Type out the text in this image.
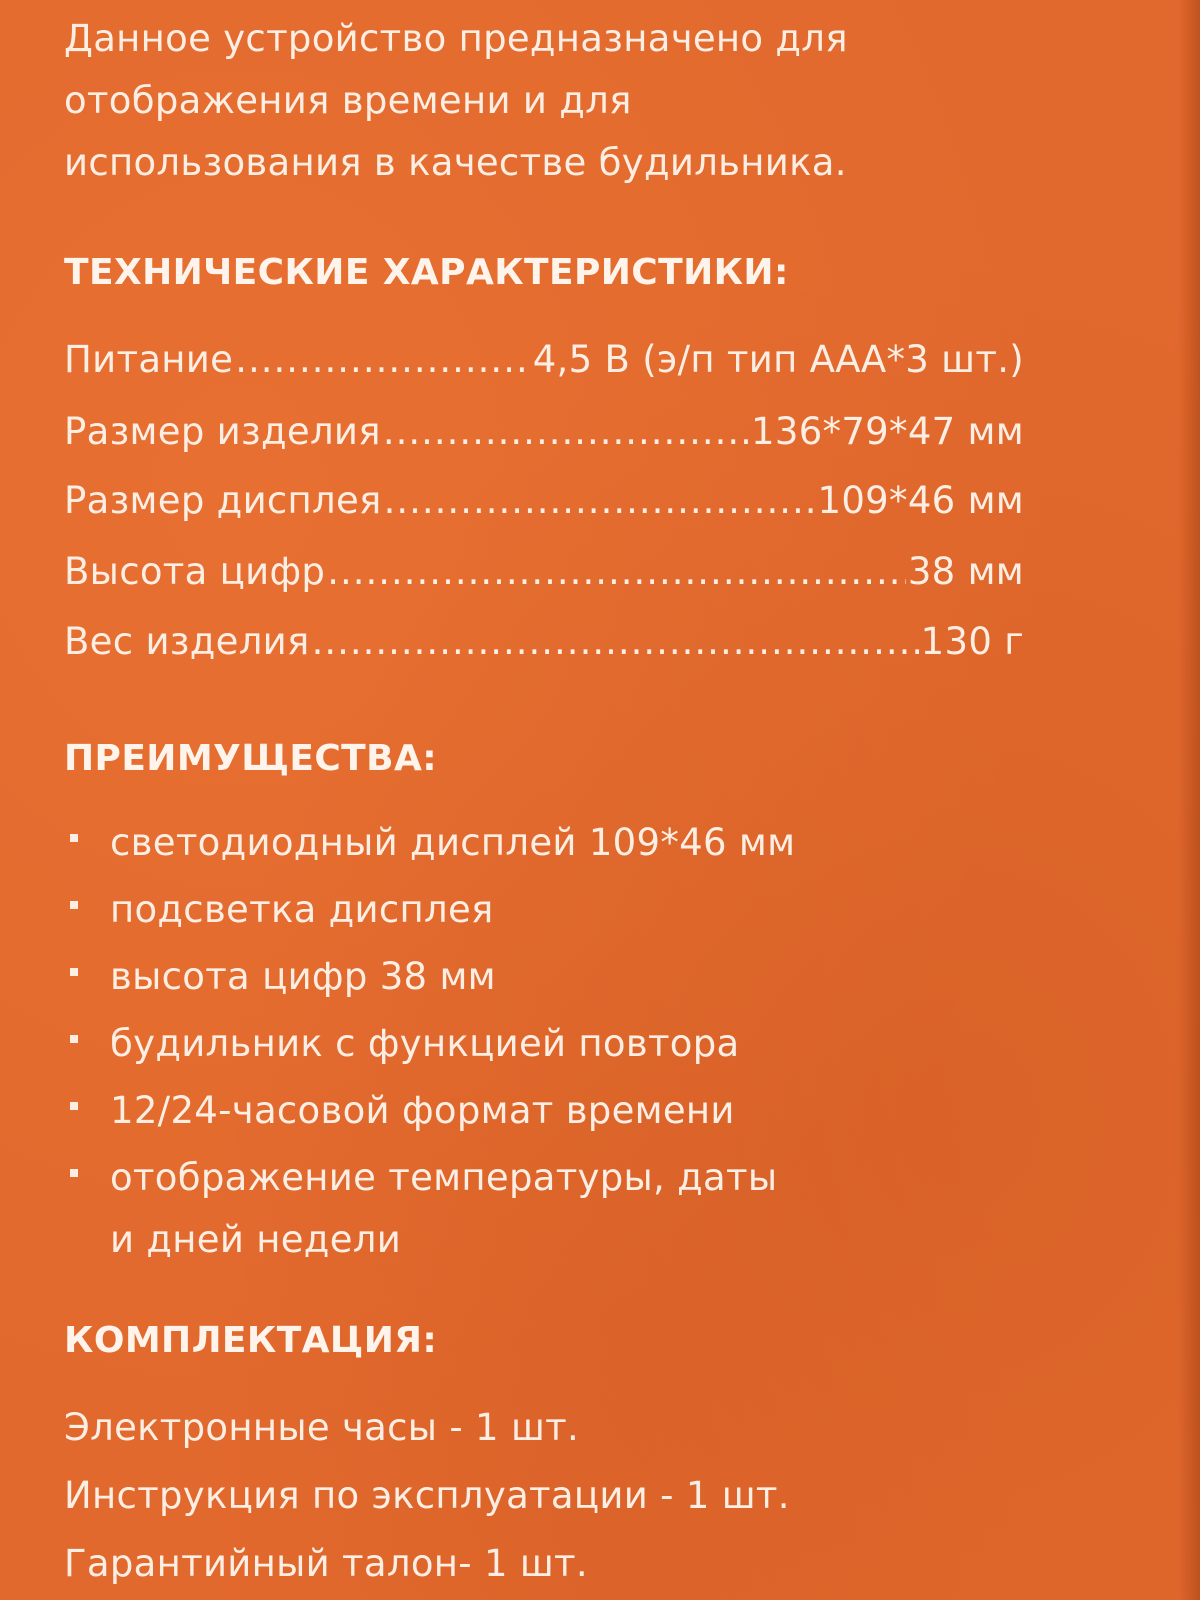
Данное устройство предназначено для
отображения времени и для
использования в качестве будильника.
ТЕХНИЧЕСКИЕ ХАРАКТЕРИСТИКИ:
Питание .....	4,5 В (э/п тип ААА*3 шт.)
Размер изделия .....	136*79*47 мм
Размер дисплея .....	109*46 мм
Высота цифр .....	38 мм
Вес изделия .....	130 г
ПРЕИМУЩЕСТВА:
светодиодный дисплей 109*46 мм
подсветка дисплея
высота цифр 38 мм
будильник с функцией повтора
12/24-часовой формат времени
отображение температуры, даты
и дней недели
КОМПЛЕКТАЦИЯ:
Электронные часы - 1 шт.
Инструкция по эксплуатации - 1 шт.
Гарантийный талон- 1 шт.
